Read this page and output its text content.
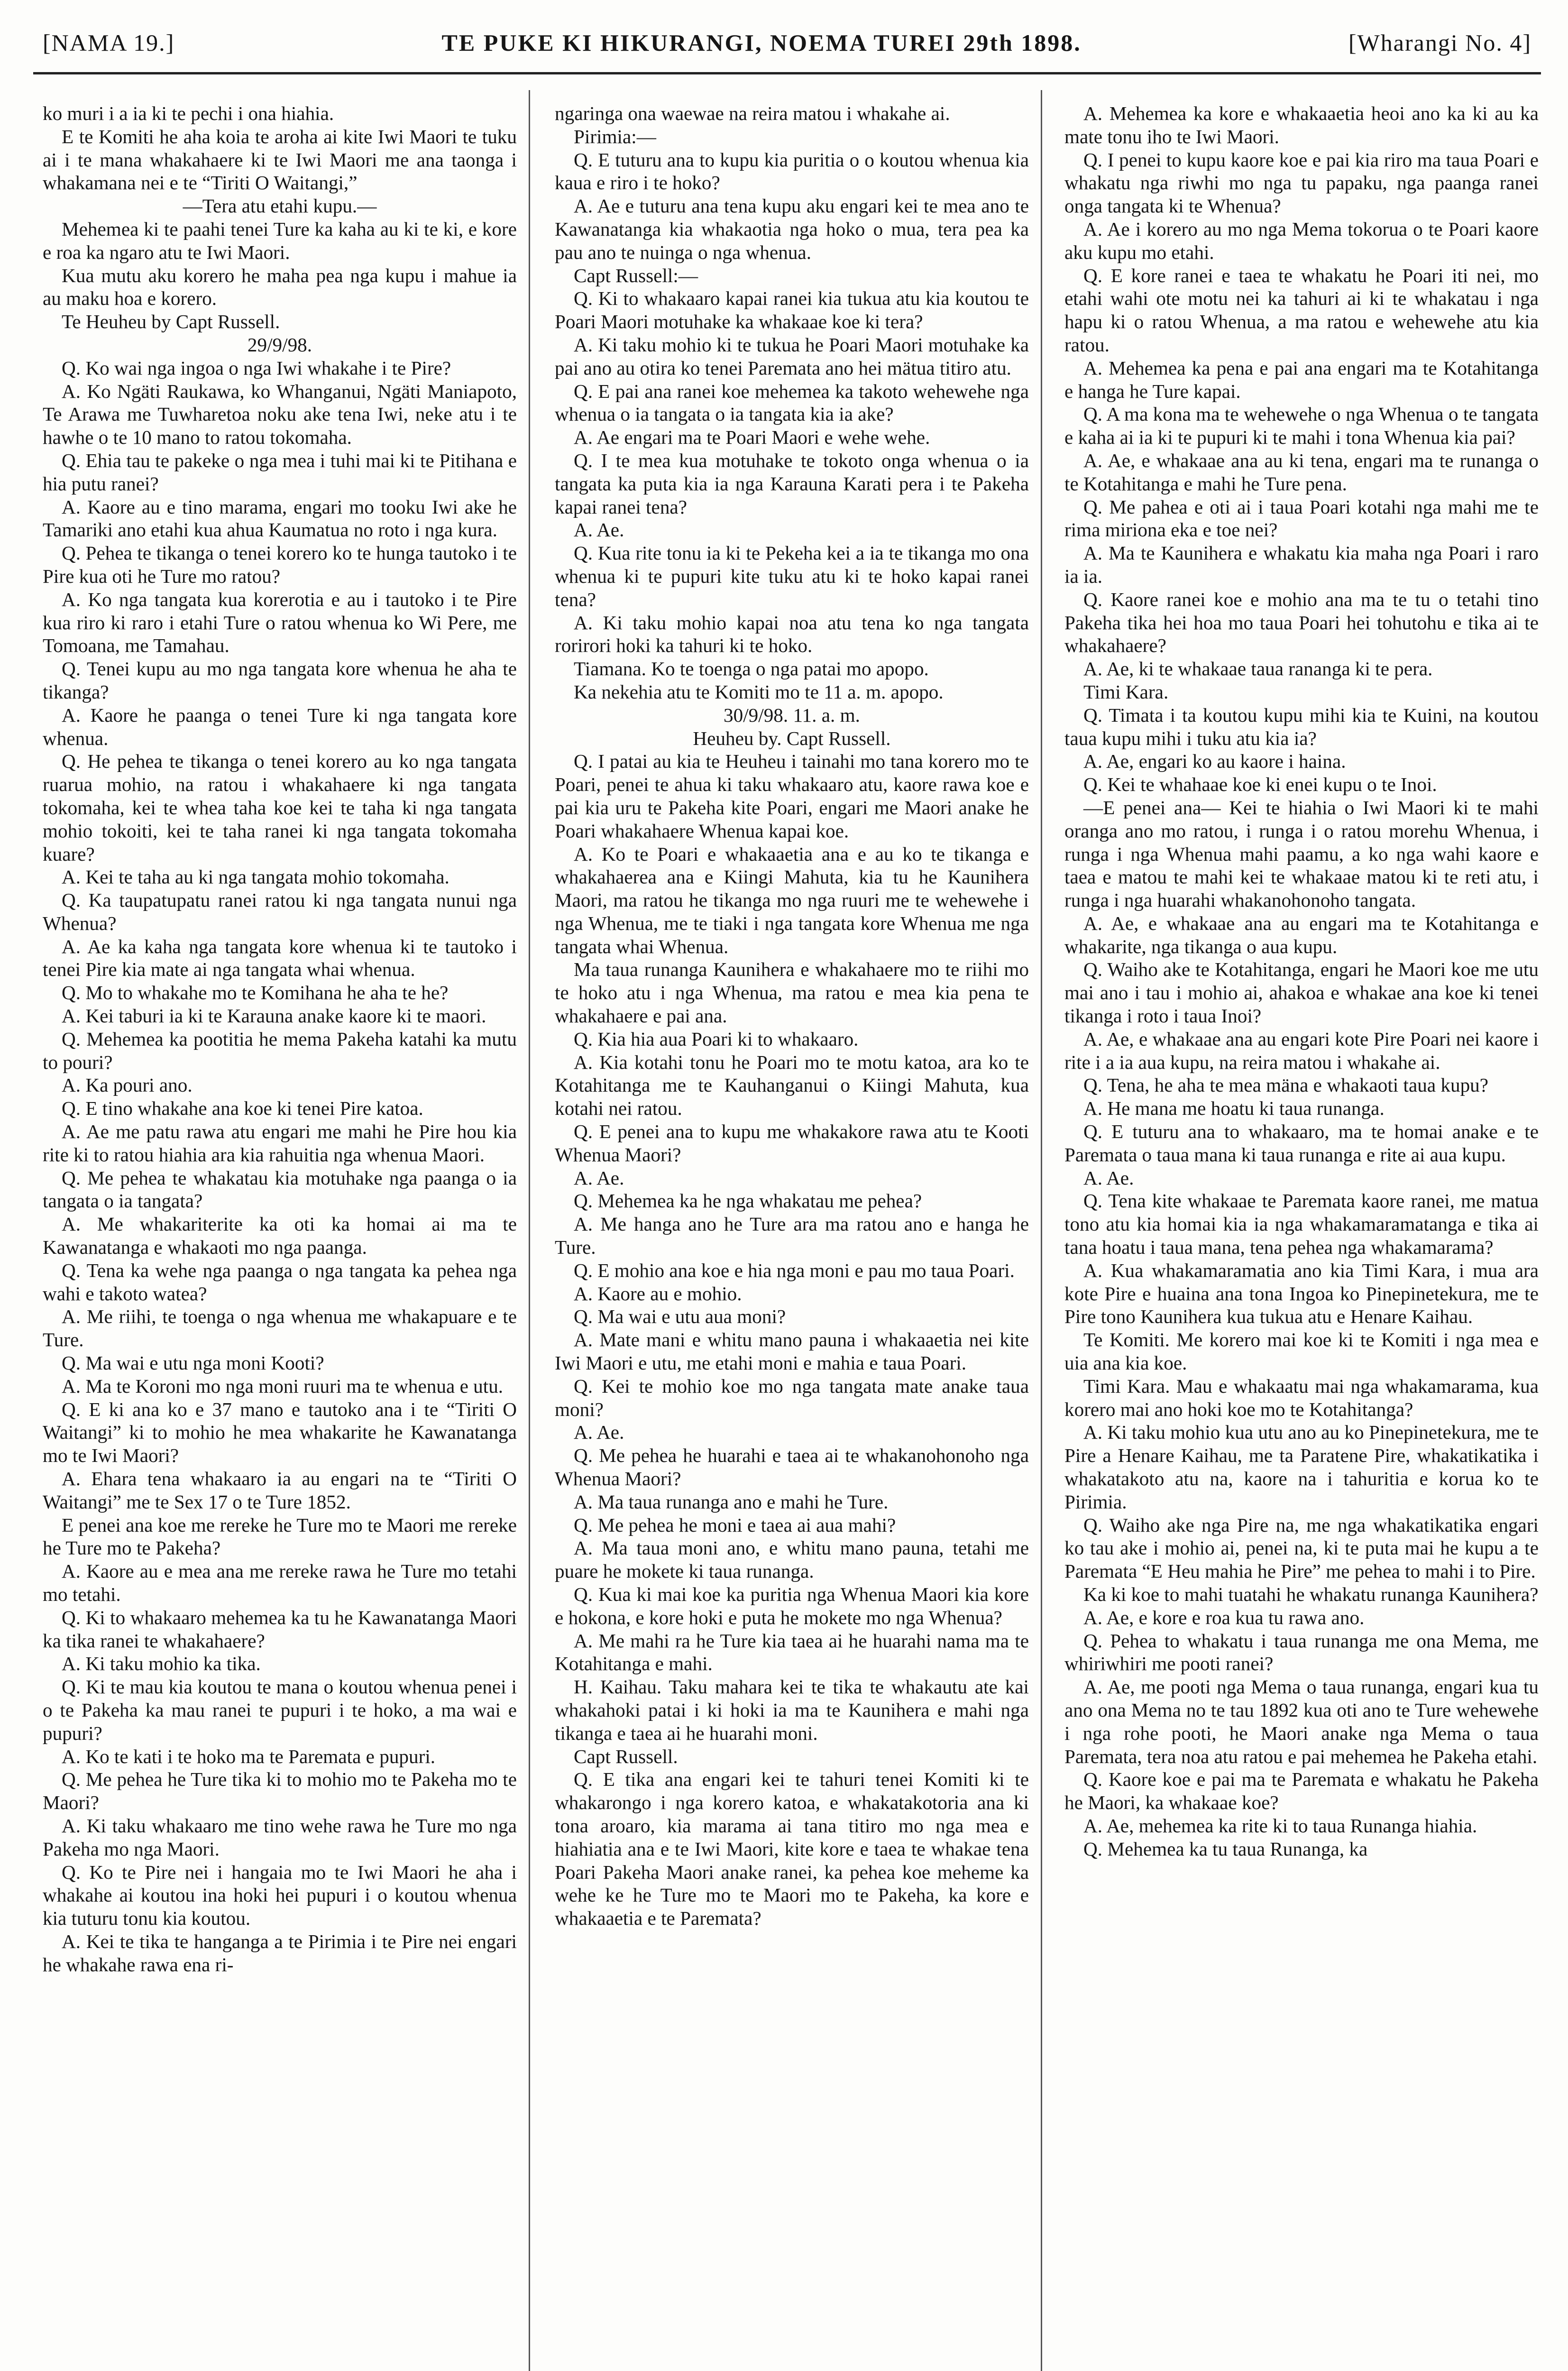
[NAMA 19.]	TE PUKE KI HIKURANGI, NOEMA TUREI 29th 1898.	[Wharangi No. 4]

ko muri i a ia ki te pechi i ona hiahia.

E te Komiti he aha koia te aroha ai kite Iwi Maori te tuku ai i te mana whakahaere ki te Iwi Maori me ana taonga i whakamana nei e te “Tiriti O Waitangi,”

—Tera atu etahi kupu.—

Mehemea ki te paahi tenei Ture ka kaha au ki te ki, e kore e roa ka ngaro atu te Iwi Maori.

Kua mutu aku korero he maha pea nga kupu i mahue ia au maku hoa e korero.

Te Heuheu by Capt Russell.

29/9/98.

Q. Ko wai nga ingoa o nga Iwi whakahe i te Pire?

A. Ko Ngäti Raukawa, ko Whanganui, Ngäti Maniapoto, Te Arawa me Tuwharetoa noku ake tena Iwi, neke atu i te hawhe o te 10 mano to ratou tokomaha.

Q. Ehia tau te pakeke o nga mea i tuhi mai ki te Pitihana e hia putu ranei?

A. Kaore au e tino marama, engari mo tooku Iwi ake he Tamariki ano etahi kua ahua Kaumatua no roto i nga kura.

Q. Pehea te tikanga o tenei korero ko te hunga tautoko i te Pire kua oti he Ture mo ratou?

A. Ko nga tangata kua korerotia e au i tautoko i te Pire kua riro ki raro i etahi Ture o ratou whenua ko Wi Pere, me Tomoana, me Tamahau.

Q. Tenei kupu au mo nga tangata kore whenua he aha te tikanga?

A. Kaore he paanga o tenei Ture ki nga tangata kore whenua.

Q. He pehea te tikanga o tenei korero au ko nga tangata ruarua mohio, na ratou i whakahaere ki nga tangata tokomaha, kei te whea taha koe kei te taha ki nga tangata mohio tokoiti, kei te taha ranei ki nga tangata tokomaha kuare?

A. Kei te taha au ki nga tangata mohio tokomaha.

Q. Ka taupatupatu ranei ratou ki nga tangata nunui nga Whenua?

A. Ae ka kaha nga tangata kore whenua ki te tautoko i tenei Pire kia mate ai nga tangata whai whenua.

Q. Mo to whakahe mo te Komihana he aha te he?

A. Kei taburi ia ki te Karauna anake kaore ki te maori.

Q. Mehemea ka pootitia he mema Pakeha katahi ka mutu to pouri?

A. Ka pouri ano.

Q. E tino whakahe ana koe ki tenei Pire katoa.

A. Ae me patu rawa atu engari me mahi he Pire hou kia rite ki to ratou hiahia ara kia rahuitia nga whenua Maori.

Q. Me pehea te whakatau kia motuhake nga paanga o ia tangata o ia tangata?

A. Me whakariterite ka oti ka homai ai ma te Kawanatanga e whakaoti mo nga paanga.

Q. Tena ka wehe nga paanga o nga tangata ka pehea nga wahi e takoto watea?

A. Me riihi, te toenga o nga whenua me whakapuare e te Ture.

Q. Ma wai e utu nga moni Kooti?

A. Ma te Koroni mo nga moni ruuri ma te whenua e utu.

Q. E ki ana ko e 37 mano e tautoko ana i te “Tiriti O Waitangi” ki to mohio he mea whakarite he Kawanatanga mo te Iwi Maori?

A. Ehara tena whakaaro ia au engari na te “Tiriti O Waitangi” me te Sex 17 o te Ture 1852.

E penei ana koe me rereke he Ture mo te Maori me rereke he Ture mo te Pakeha?

A. Kaore au e mea ana me rereke rawa he Ture mo tetahi mo tetahi.

Q. Ki to whakaaro mehemea ka tu he Kawanatanga Maori ka tika ranei te whakahaere?

A. Ki taku mohio ka tika.

Q. Ki te mau kia koutou te mana o koutou whenua penei i o te Pakeha ka mau ranei te pupuri i te hoko, a ma wai e pupuri?

A. Ko te kati i te hoko ma te Paremata e pupuri.

Q. Me pehea he Ture tika ki to mohio mo te Pakeha mo te Maori?

A. Ki taku whakaaro me tino wehe rawa he Ture mo nga Pakeha mo nga Maori.

Q. Ko te Pire nei i hangaia mo te Iwi Maori he aha i whakahe ai koutou ina hoki hei pupuri i o koutou whenua kia tuturu tonu kia koutou.

A. Kei te tika te hanganga a te Pirimia i te Pire nei engari he whakahe rawa ena ri-

ngaringa ona waewae na reira matou i whakahe ai.

Pirimia:—

Q. E tuturu ana to kupu kia puritia o o koutou whenua kia kaua e riro i te hoko?

A. Ae e tuturu ana tena kupu aku engari kei te mea ano te Kawanatanga kia whakaotia nga hoko o mua, tera pea ka pau ano te nuinga o nga whenua.

Capt Russell:—

Q. Ki to whakaaro kapai ranei kia tukua atu kia koutou te Poari Maori motuhake ka whakaae koe ki tera?

A. Ki taku mohio ki te tukua he Poari Maori motuhake ka pai ano au otira ko tenei Paremata ano hei mätua titiro atu.

Q. E pai ana ranei koe mehemea ka takoto wehewehe nga whenua o ia tangata o ia tangata kia ia ake?

A. Ae engari ma te Poari Maori e wehe wehe.

Q. I te mea kua motuhake te tokoto onga whenua o ia tangata ka puta kia ia nga Karauna Karati pera i te Pakeha kapai ranei tena?

A. Ae.

Q. Kua rite tonu ia ki te Pekeha kei a ia te tikanga mo ona whenua ki te pupuri kite tuku atu ki te hoko kapai ranei tena?

A. Ki taku mohio kapai noa atu tena ko nga tangata rorirori hoki ka tahuri ki te hoko.

Tiamana. Ko te toenga o nga patai mo apopo.

Ka nekehia atu te Komiti mo te 11 a. m. apopo.

30/9/98. 11. a. m.

Heuheu by. Capt Russell.

Q. I patai au kia te Heuheu i tainahi mo tana korero mo te Poari, penei te ahua ki taku whakaaro atu, kaore rawa koe e pai kia uru te Pakeha kite Poari, engari me Maori anake he Poari whakahaere Whenua kapai koe.

A. Ko te Poari e whakaaetia ana e au ko te tikanga e whakahaerea ana e Kiingi Mahuta, kia tu he Kaunihera Maori, ma ratou he tikanga mo nga ruuri me te wehewehe i nga Whenua, me te tiaki i nga tangata kore Whenua me nga tangata whai Whenua.

Ma taua runanga Kaunihera e whakahaere mo te riihi mo te hoko atu i nga Whenua, ma ratou e mea kia pena te whakahaere e pai ana.

Q. Kia hia aua Poari ki to whakaaro.

A. Kia kotahi tonu he Poari mo te motu katoa, ara ko te Kotahitanga me te Kauhanganui o Kiingi Mahuta, kua kotahi nei ratou.

Q. E penei ana to kupu me whakakore rawa atu te Kooti Whenua Maori?

A. Ae.

Q. Mehemea ka he nga whakatau me pehea?

A. Me hanga ano he Ture ara ma ratou ano e hanga he Ture.

Q. E mohio ana koe e hia nga moni e pau mo taua Poari.

A. Kaore au e mohio.

Q. Ma wai e utu aua moni?

A. Mate mani e whitu mano pauna i whakaaetia nei kite Iwi Maori e utu, me etahi moni e mahia e taua Poari.

Q. Kei te mohio koe mo nga tangata mate anake taua moni?

A. Ae.

Q. Me pehea he huarahi e taea ai te whakanohonoho nga Whenua Maori?

A. Ma taua runanga ano e mahi he Ture.

Q. Me pehea he moni e taea ai aua mahi?

A. Ma taua moni ano, e whitu mano pauna, tetahi me puare he mokete ki taua runanga.

Q. Kua ki mai koe ka puritia nga Whenua Maori kia kore e hokona, e kore hoki e puta he mokete mo nga Whenua?

A. Me mahi ra he Ture kia taea ai he huarahi nama ma te Kotahitanga e mahi.

H. Kaihau. Taku mahara kei te tika te whakautu ate kai whakahoki patai i ki hoki ia ma te Kaunihera e mahi nga tikanga e taea ai he huarahi moni.

Capt Russell.

Q. E tika ana engari kei te tahuri tenei Komiti ki te whakarongo i nga korero katoa, e whakatakotoria ana ki tona aroaro, kia marama ai tana titiro mo nga mea e hiahiatia ana e te Iwi Maori, kite kore e taea te whakae tena Poari Pakeha Maori anake ranei, ka pehea koe meheme ka wehe ke he Ture mo te Maori mo te Pakeha, ka kore e whakaaetia e te Paremata?

A. Mehemea ka kore e whakaaetia heoi ano ka ki au ka mate tonu iho te Iwi Maori.

Q. I penei to kupu kaore koe e pai kia riro ma taua Poari e whakatu nga riwhi mo nga tu papaku, nga paanga ranei onga tangata ki te Whenua?

A. Ae i korero au mo nga Mema tokorua o te Poari kaore aku kupu mo etahi.

Q. E kore ranei e taea te whakatu he Poari iti nei, mo etahi wahi ote motu nei ka tahuri ai ki te whakatau i nga hapu ki o ratou Whenua, a ma ratou e wehewehe atu kia ratou.

A. Mehemea ka pena e pai ana engari ma te Kotahitanga e hanga he Ture kapai.

Q. A ma kona ma te wehewehe o nga Whenua o te tangata e kaha ai ia ki te pupuri ki te mahi i tona Whenua kia pai?

A. Ae, e whakaae ana au ki tena, engari ma te runanga o te Kotahitanga e mahi he Ture pena.

Q. Me pahea e oti ai i taua Poari kotahi nga mahi me te rima miriona eka e toe nei?

A. Ma te Kaunihera e whakatu kia maha nga Poari i raro ia ia.

Q. Kaore ranei koe e mohio ana ma te tu o tetahi tino Pakeha tika hei hoa mo taua Poari hei tohutohu e tika ai te whakahaere?

A. Ae, ki te whakaae taua rananga ki te pera.

Timi Kara.

Q. Timata i ta koutou kupu mihi kia te Kuini, na koutou taua kupu mihi i tuku atu kia ia?

A. Ae, engari ko au kaore i haina.

Q. Kei te whahaae koe ki enei kupu o te Inoi.

—E penei ana— Kei te hiahia o Iwi Maori ki te mahi oranga ano mo ratou, i runga i o ratou morehu Whenua, i runga i nga Whenua mahi paamu, a ko nga wahi kaore e taea e matou te mahi kei te whakaae matou ki te reti atu, i runga i nga huarahi whakanohonoho tangata.

A. Ae, e whakaae ana au engari ma te Kotahitanga e whakarite, nga tikanga o aua kupu.

Q. Waiho ake te Kotahitanga, engari he Maori koe me utu mai ano i tau i mohio ai, ahakoa e whakae ana koe ki tenei tikanga i roto i taua Inoi?

A. Ae, e whakaae ana au engari kote Pire Poari nei kaore i rite i a ia aua kupu, na reira matou i whakahe ai.

Q. Tena, he aha te mea mäna e whakaoti taua kupu?

A. He mana me hoatu ki taua runanga.

Q. E tuturu ana to whakaaro, ma te homai anake e te Paremata o taua mana ki taua runanga e rite ai aua kupu.

A. Ae.

Q. Tena kite whakaae te Paremata kaore ranei, me matua tono atu kia homai kia ia nga whakamaramatanga e tika ai tana hoatu i taua mana, tena pehea nga whakamarama?

A. Kua whakamaramatia ano kia Timi Kara, i mua ara kote Pire e huaina ana tona Ingoa ko Pinepinetekura, me te Pire tono Kaunihera kua tukua atu e Henare Kaihau.

Te Komiti. Me korero mai koe ki te Komiti i nga mea e uia ana kia koe.

Timi Kara. Mau e whakaatu mai nga whakamarama, kua korero mai ano hoki koe mo te Kotahitanga?

A. Ki taku mohio kua utu ano au ko Pinepinetekura, me te Pire a Henare Kaihau, me ta Paratene Pire, whakatikatika i whakatakoto atu na, kaore na i tahuritia e korua ko te Pirimia.

Q. Waiho ake nga Pire na, me nga whakatikatika engari ko tau ake i mohio ai, penei na, ki te puta mai he kupu a te Paremata “E Heu mahia he Pire” me pehea to mahi i to Pire.

Ka ki koe to mahi tuatahi he whakatu runanga Kaunihera?

A. Ae, e kore e roa kua tu rawa ano.

Q. Pehea to whakatu i taua runanga me ona Mema, me whiriwhiri me pooti ranei?

A. Ae, me pooti nga Mema o taua runanga, engari kua tu ano ona Mema no te tau 1892 kua oti ano te Ture wehewehe i nga rohe pooti, he Maori anake nga Mema o taua Paremata, tera noa atu ratou e pai mehemea he Pakeha etahi.

Q. Kaore koe e pai ma te Paremata e whakatu he Pakeha he Maori, ka whakaae koe?

A. Ae, mehemea ka rite ki to taua Runanga hiahia.

Q. Mehemea ka tu taua Runanga, ka
